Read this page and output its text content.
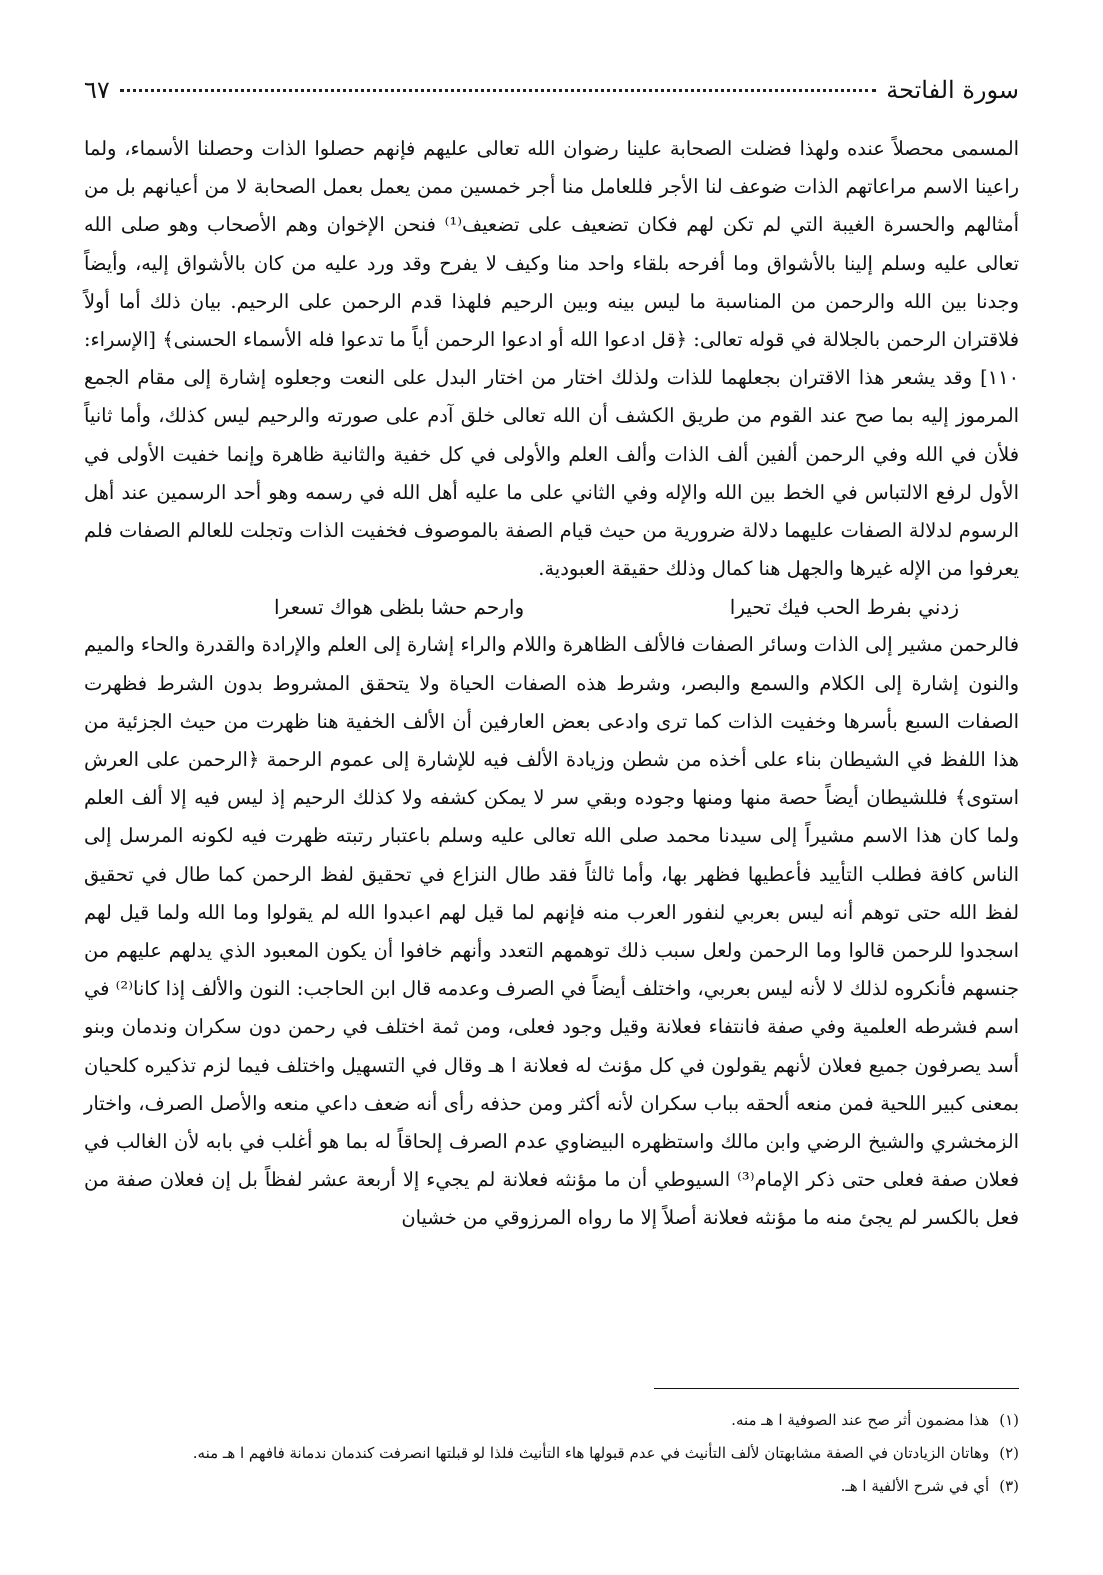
سورة الفاتحة
٦٧

المسمى محصلاً عنده ولهذا فضلت الصحابة علينا رضوان الله تعالى عليهم فإنهم حصلوا الذات وحصلنا الأسماء، ولما راعينا الاسم مراعاتهم الذات ضوعف لنا الأجر فللعامل منا أجر خمسين ممن يعمل بعمل الصحابة لا من أعيانهم بل من أمثالهم والحسرة الغيبة التي لم تكن لهم فكان تضعيف على تضعيف⁽¹⁾ فنحن الإخوان وهم الأصحاب وهو صلى الله تعالى عليه وسلم إلينا بالأشواق وما أفرحه بلقاء واحد منا وكيف لا يفرح وقد ورد عليه من كان بالأشواق إليه، وأيضاً وجدنا بين الله والرحمن من المناسبة ما ليس بينه وبين الرحيم فلهذا قدم الرحمن على الرحيم. بيان ذلك أما أولاً فلاقتران الرحمن بالجلالة في قوله تعالى: ﴿قل ادعوا الله أو ادعوا الرحمن أياً ما تدعوا فله الأسماء الحسنى﴾ [الإسراء: ١١٠] وقد يشعر هذا الاقتران بجعلهما للذات ولذلك اختار من اختار البدل على النعت وجعلوه إشارة إلى مقام الجمع المرموز إليه بما صح عند القوم من طريق الكشف أن الله تعالى خلق آدم على صورته والرحيم ليس كذلك، وأما ثانياً فلأن في الله وفي الرحمن ألفين ألف الذات وألف العلم والأولى في كل خفية والثانية ظاهرة وإنما خفيت الأولى في الأول لرفع الالتباس في الخط بين الله والإله وفي الثاني على ما عليه أهل الله في رسمه وهو أحد الرسمين عند أهل الرسوم لدلالة الصفات عليهما دلالة ضرورية من حيث قيام الصفة بالموصوف فخفيت الذات وتجلت للعالم الصفات فلم يعرفوا من الإله غيرها والجهل هنا كمال وذلك حقيقة العبودية.

زدني بفرط الحب فيك تحيرا
وارحم حشا بلظى هواك تسعرا

فالرحمن مشير إلى الذات وسائر الصفات فالألف الظاهرة واللام والراء إشارة إلى العلم والإرادة والقدرة والحاء والميم والنون إشارة إلى الكلام والسمع والبصر، وشرط هذه الصفات الحياة ولا يتحقق المشروط بدون الشرط فظهرت الصفات السبع بأسرها وخفيت الذات كما ترى وادعى بعض العارفين أن الألف الخفية هنا ظهرت من حيث الجزئية من هذا اللفظ في الشيطان بناء على أخذه من شطن وزيادة الألف فيه للإشارة إلى عموم الرحمة ﴿الرحمن على العرش استوى﴾ فللشيطان أيضاً حصة منها ومنها وجوده وبقي سر لا يمكن كشفه ولا كذلك الرحيم إذ ليس فيه إلا ألف العلم ولما كان هذا الاسم مشيراً إلى سيدنا محمد صلى الله تعالى عليه وسلم باعتبار رتبته ظهرت فيه لكونه المرسل إلى الناس كافة فطلب التأييد فأعطيها فظهر بها، وأما ثالثاً فقد طال النزاع في تحقيق لفظ الرحمن كما طال في تحقيق لفظ الله حتى توهم أنه ليس بعربي لنفور العرب منه فإنهم لما قيل لهم اعبدوا الله لم يقولوا وما الله ولما قيل لهم اسجدوا للرحمن قالوا وما الرحمن ولعل سبب ذلك توهمهم التعدد وأنهم خافوا أن يكون المعبود الذي يدلهم عليهم من جنسهم فأنكروه لذلك لا لأنه ليس بعربي، واختلف أيضاً في الصرف وعدمه قال ابن الحاجب: النون والألف إذا كانا⁽²⁾ في اسم فشرطه العلمية وفي صفة فانتفاء فعلانة وقيل وجود فعلى، ومن ثمة اختلف في رحمن دون سكران وندمان وبنو أسد يصرفون جميع فعلان لأنهم يقولون في كل مؤنث له فعلانة ا هـ وقال في التسهيل واختلف فيما لزم تذكيره كلحيان بمعنى كبير اللحية فمن منعه ألحقه بباب سكران لأنه أكثر ومن حذفه رأى أنه ضعف داعي منعه والأصل الصرف، واختار الزمخشري والشيخ الرضي وابن مالك واستظهره البيضاوي عدم الصرف إلحاقاً له بما هو أغلب في بابه لأن الغالب في فعلان صفة فعلى حتى ذكر الإمام⁽³⁾ السيوطي أن ما مؤنثه فعلانة لم يجيء إلا أربعة عشر لفظاً بل إن فعلان صفة من فعل بالكسر لم يجئ منه ما مؤنثه فعلانة أصلاً إلا ما رواه المرزوقي من خشيان

(١)
هذا مضمون أثر صح عند الصوفية ا هـ منه.
(٢)
وهاتان الزيادتان في الصفة مشابهتان لألف التأنيث في عدم قبولها هاء التأنيث فلذا لو قبلتها انصرفت كندمان ندمانة فافهم ا هـ منه.
(٣)
أي في شرح الألفية ا هـ.
